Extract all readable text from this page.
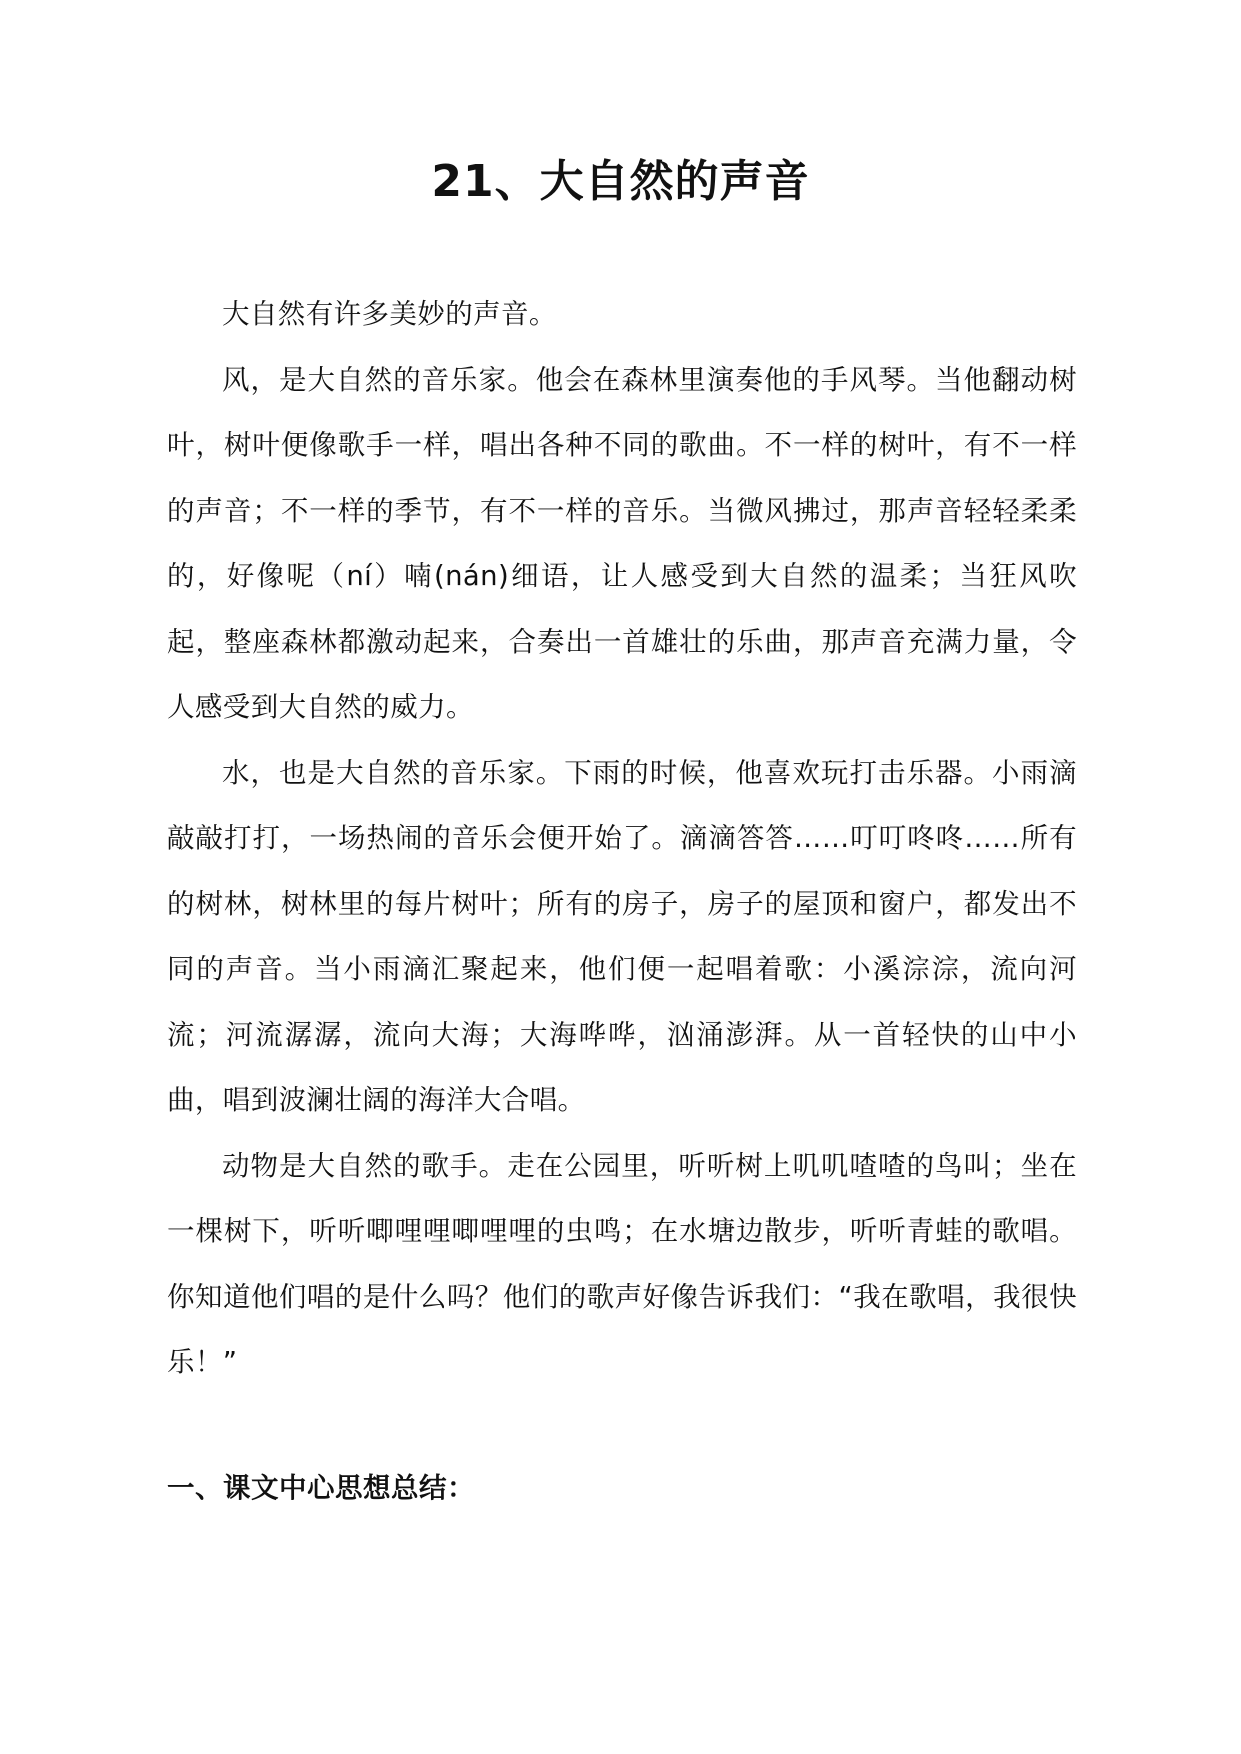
21、大自然的声音

大自然有许多美妙的声音。

风，是大自然的音乐家。他会在森林里演奏他的手风琴。当他翻动树叶，树叶便像歌手一样，唱出各种不同的歌曲。不一样的树叶，有不一样的声音；不一样的季节，有不一样的音乐。当微风拂过，那声音轻轻柔柔的，好像呢（ní）喃(nán)细语，让人感受到大自然的温柔；当狂风吹起，整座森林都激动起来，合奏出一首雄壮的乐曲，那声音充满力量，令人感受到大自然的威力。

水，也是大自然的音乐家。下雨的时候，他喜欢玩打击乐器。小雨滴敲敲打打，一场热闹的音乐会便开始了。滴滴答答……叮叮咚咚……所有的树林，树林里的每片树叶；所有的房子，房子的屋顶和窗户，都发出不同的声音。当小雨滴汇聚起来，他们便一起唱着歌：小溪淙淙，流向河流；河流潺潺，流向大海；大海哗哗，汹涌澎湃。从一首轻快的山中小曲，唱到波澜壮阔的海洋大合唱。

动物是大自然的歌手。走在公园里，听听树上叽叽喳喳的鸟叫；坐在一棵树下，听听唧哩哩唧哩哩的虫鸣；在水塘边散步，听听青蛙的歌唱。你知道他们唱的是什么吗？他们的歌声好像告诉我们：“我在歌唱，我很快乐！”

一、课文中心思想总结：
